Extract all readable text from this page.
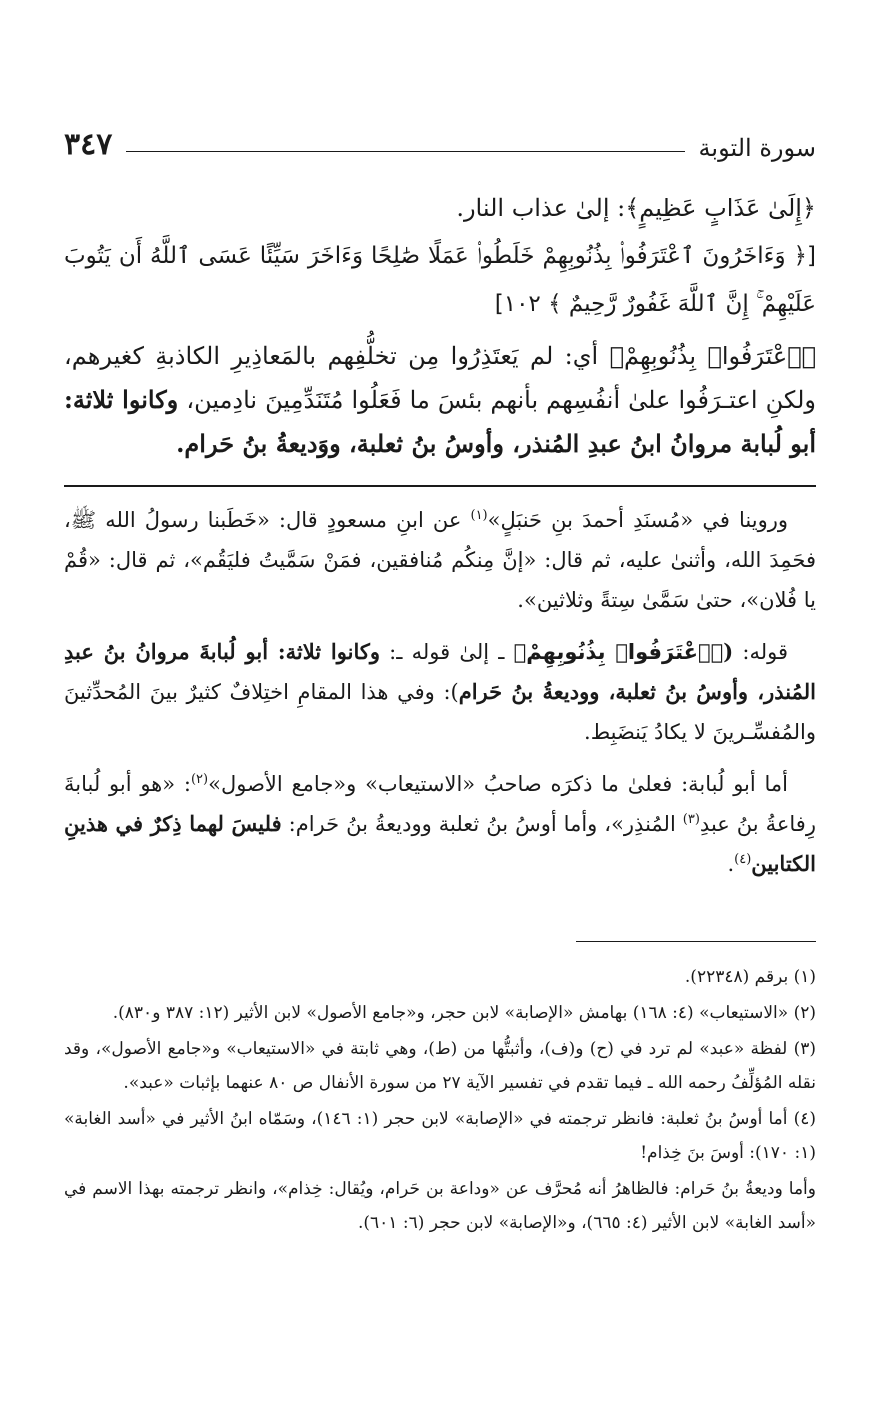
سورة التوبة
٣٤٧

﴿إِلَىٰ عَذَابٍ عَظِيمٍ﴾: إلىٰ عذاب النار.

[﴿ وَءَاخَرُونَ ٱعْتَرَفُوا۟ بِذُنُوبِهِمْ خَلَطُوا۟ عَمَلًا صَٰلِحًا وَءَاخَرَ سَيِّئًا عَسَى ٱللَّهُ أَن يَتُوبَ عَلَيْهِمْ ۚ إِنَّ ٱللَّهَ غَفُورٌ رَّحِيمٌ ﴾ ١٠٢]

﴿ٱعْتَرَفُوا۟ بِذُنُوبِهِمْ﴾ أي: لم يَعتَذِرُوا مِن تخلُّفِهم بالمَعاذِيرِ الكاذبةِ كغيرهم، ولكنِ اعتـرَفُوا علىٰ أنفُسِهم بأنهم بئسَ ما فَعَلُوا مُتَنَدِّمِينَ نادِمين، وكانوا ثلاثة: أبو لُبابة مروانُ ابنُ عبدِ المُنذر، وأوسُ بنُ ثعلبة، ووَديعةُ بنُ حَرام.

وروينا في «مُسنَدِ أحمدَ بنِ حَنبَلٍ»$^{(١)}$ عن ابنِ مسعودٍ قال: «خَطَبنا رسولُ الله ﷺ، فحَمِدَ الله، وأثنىٰ عليه، ثم قال: «إنَّ مِنكُم مُنافقين، فمَنْ سَمَّيتُ فليَقُم»، ثم قال: «قُمْ يا فُلان»، حتىٰ سَمَّىٰ سِتةً وثلاثين».

قوله: (﴿ٱعْتَرَفُوا۟ بِذُنُوبِهِمْ﴾ ـ إلىٰ قوله ـ: وكانوا ثلاثة: أبو لُبابةَ مروانُ بنُ عبدِ المُنذر، وأوسُ بنُ ثعلبة، ووديعةُ بنُ حَرام): وفي هذا المقامِ اختِلافٌ كثيرٌ بينَ المُحدِّثينَ والمُفسِّـرينَ لا يكادُ يَنضَبِط.

أما أبو لُبابة: فعلىٰ ما ذكرَه صاحبُ «الاستيعاب» و«جامع الأصول»$^{(٢)}$: «هو أبو لُبابةَ رِفاعةُ بنُ عبدِ$^{(٣)}$ المُنذِر»، وأما أوسُ بنُ ثعلبة ووديعةُ بنُ حَرام: فليسَ لهما ذِكرٌ في هذينِ الكتابين$^{(٤)}$.

(١) برقم (٢٢٣٤٨).

(٢) «الاستيعاب» (٤: ١٦٨) بهامش «الإصابة» لابن حجر، و«جامع الأصول» لابن الأثير (١٢: ٣٨٧ و٨٣٠).

(٣) لفظة «عبد» لم ترد في (ح) و(ف)، وأثبتُّها من (ط)، وهي ثابتة في «الاستيعاب» و«جامع الأصول»، وقد نقله المُؤلِّفُ رحمه الله ـ فيما تقدم في تفسير الآية ٢٧ من سورة الأنفال ص ٨٠ عنهما بإثبات «عبد».

(٤) أما أوسُ بنُ ثعلبة: فانظر ترجمته في «الإصابة» لابن حجر (١: ١٤٦)، وسَمّاه ابنُ الأثير في «أسد الغابة» (١: ١٧٠): أوسَ بنَ خِذام!

وأما وديعةُ بنُ حَرام: فالظاهرُ أنه مُحرَّف عن «وداعة بن حَرام، ويُقال: خِذام»، وانظر ترجمته بهذا الاسم في «أسد الغابة» لابن الأثير (٤: ٦٦٥)، و«الإصابة» لابن حجر (٦: ٦٠١).
